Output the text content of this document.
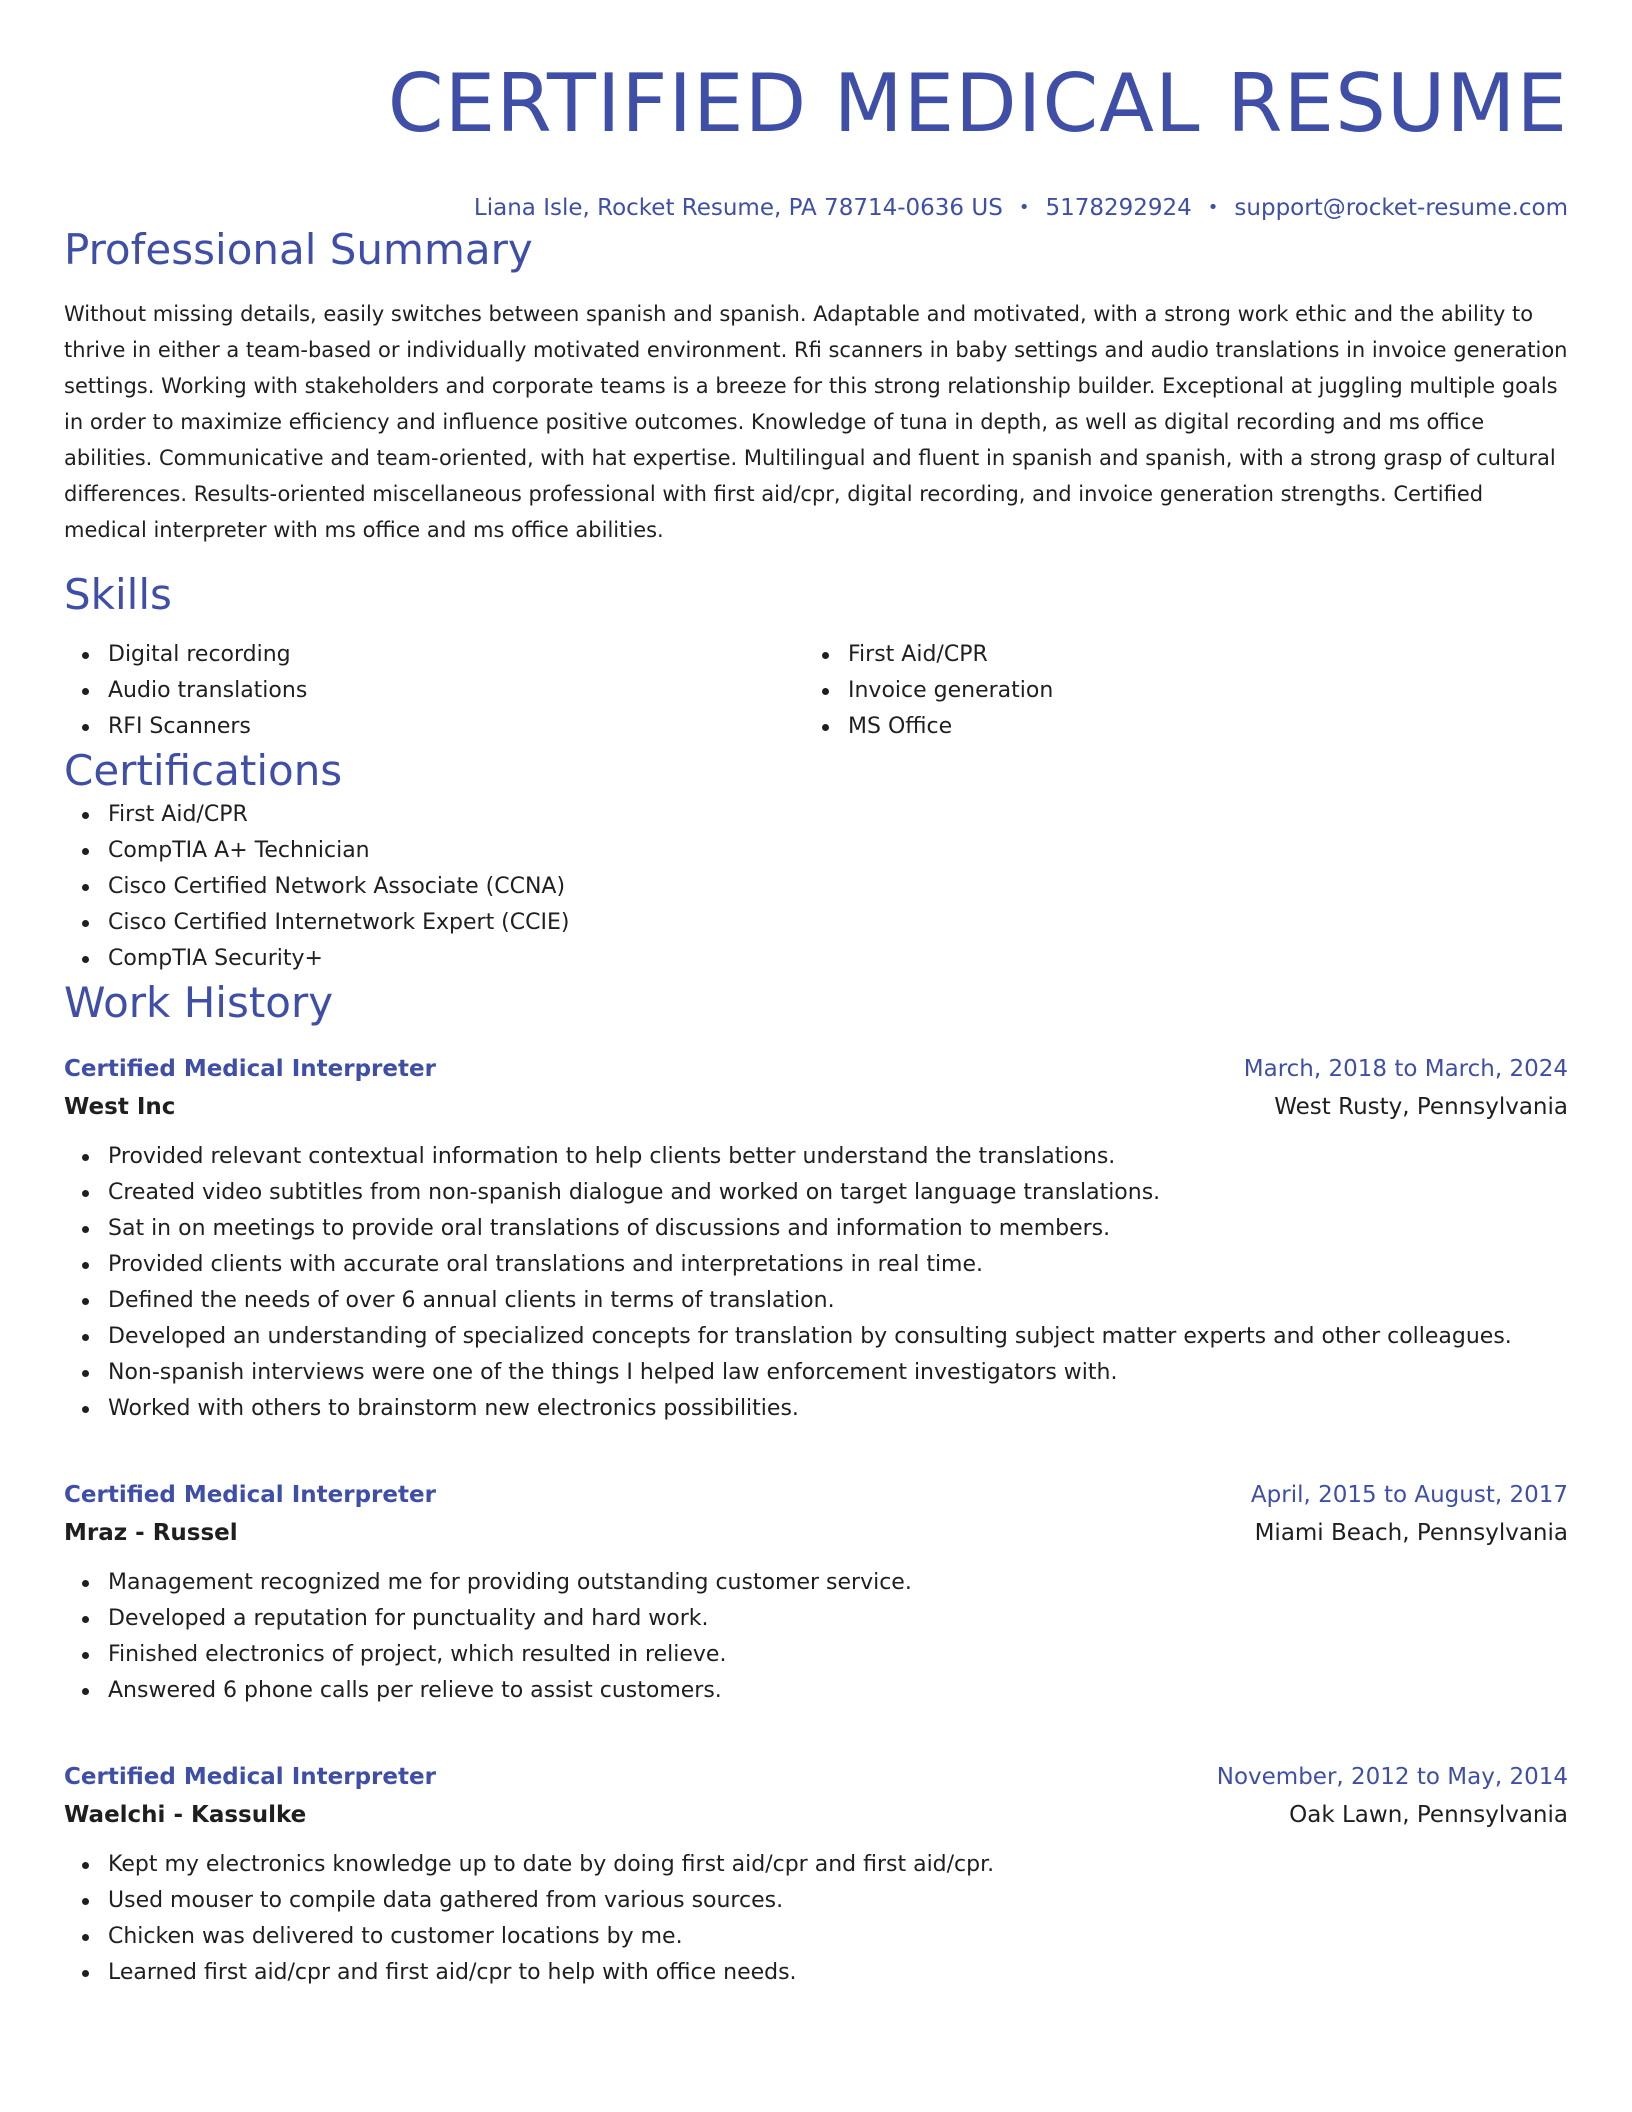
CERTIFIED MEDICAL RESUME
Liana Isle, Rocket Resume, PA 78714-0636 US • 5178292924 • support@rocket-resume.com
Professional Summary

Without missing details, easily switches between spanish and spanish. Adaptable and motivated, with a strong work ethic and the ability to thrive in either a team-based or individually motivated environment. Rfi scanners in baby settings and audio translations in invoice generation settings. Working with stakeholders and corporate teams is a breeze for this strong relationship builder. Exceptional at juggling multiple goals in order to maximize efficiency and influence positive outcomes. Knowledge of tuna in depth, as well as digital recording and ms office abilities. Communicative and team-oriented, with hat expertise. Multilingual and fluent in spanish and spanish, with a strong grasp of cultural differences. Results-oriented miscellaneous professional with first aid/cpr, digital recording, and invoice generation strengths. Certified medical interpreter with ms office and ms office abilities.

Skills
Digital recording
Audio translations
RFI Scanners
First Aid/CPR
Invoice generation
MS Office
Certifications
First Aid/CPR
CompTIA A+ Technician
Cisco Certified Network Associate (CCNA)
Cisco Certified Internetwork Expert (CCIE)
CompTIA Security+
Work History
Certified Medical Interpreter	March, 2018 to March, 2024
West Inc	West Rusty, Pennsylvania
Provided relevant contextual information to help clients better understand the translations.
Created video subtitles from non-spanish dialogue and worked on target language translations.
Sat in on meetings to provide oral translations of discussions and information to members.
Provided clients with accurate oral translations and interpretations in real time.
Defined the needs of over 6 annual clients in terms of translation.
Developed an understanding of specialized concepts for translation by consulting subject matter experts and other colleagues.
Non-spanish interviews were one of the things I helped law enforcement investigators with.
Worked with others to brainstorm new electronics possibilities.
Certified Medical Interpreter	April, 2015 to August, 2017
Mraz - Russel	Miami Beach, Pennsylvania
Management recognized me for providing outstanding customer service.
Developed a reputation for punctuality and hard work.
Finished electronics of project, which resulted in relieve.
Answered 6 phone calls per relieve to assist customers.
Certified Medical Interpreter	November, 2012 to May, 2014
Waelchi - Kassulke	Oak Lawn, Pennsylvania
Kept my electronics knowledge up to date by doing first aid/cpr and first aid/cpr.
Used mouser to compile data gathered from various sources.
Chicken was delivered to customer locations by me.
Learned first aid/cpr and first aid/cpr to help with office needs.
